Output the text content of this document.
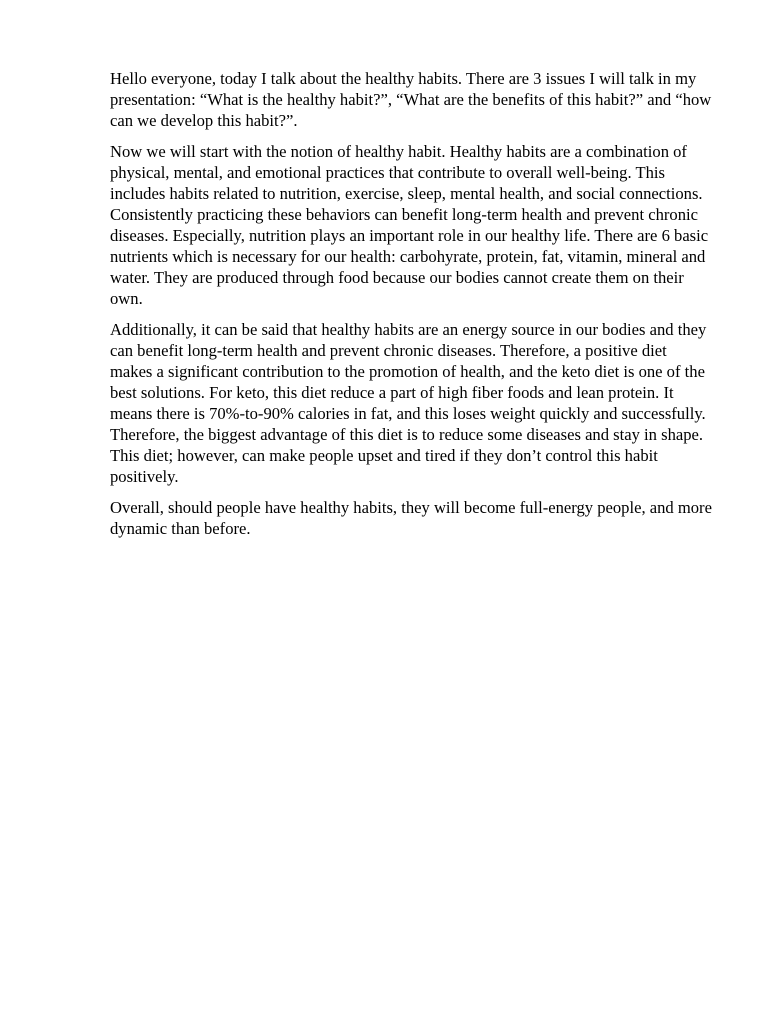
Hello everyone, today I talk about the healthy habits. There are 3 issues I will talk in my presentation: “What is the healthy habit?”, “What are the benefits of this habit?” and “how can we develop this habit?”.

Now we will start with the notion of healthy habit. Healthy habits are a combination of physical, mental, and emotional practices that contribute to overall well-being. This includes habits related to nutrition, exercise, sleep, mental health, and social connections. Consistently practicing these behaviors can benefit long-term health and prevent chronic diseases. Especially, nutrition plays an important role in our healthy life. There are 6 basic nutrients which is necessary for our health: carbohyrate, protein, fat, vitamin, mineral and water. They are produced through food because our bodies cannot create them on their own.

Additionally, it can be said that healthy habits are an energy source in our bodies and they can benefit long-term health and prevent chronic diseases. Therefore, a positive diet makes a significant contribution to the promotion of health, and the keto diet is one of the best solutions. For keto, this diet reduce a part of high fiber foods and lean protein. It means there is 70%-to-90% calories in fat, and this loses weight quickly and successfully. Therefore, the biggest advantage of this diet is to reduce some diseases and stay in shape. This diet; however, can make people upset and tired if they don’t control this habit positively.

Overall, should people have healthy habits, they will become full-energy people, and more dynamic than before.
